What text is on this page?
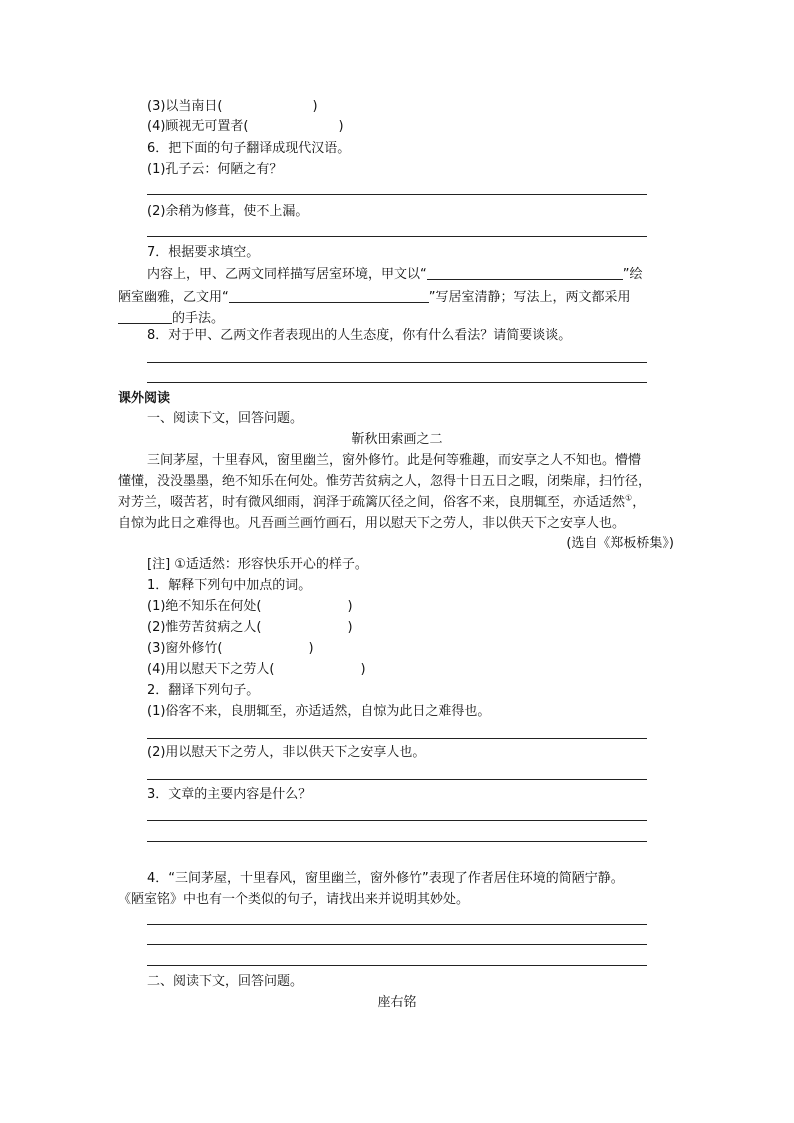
(3)以当南日(	)
(4)顾视无可置者(	)
6．把下面的句子翻译成现代汉语。
(1)孔子云：何陋之有？
(2)余稍为修葺，使不上漏。
7．根据要求填空。
内容上，甲、乙两文同样描写居室环境，甲文以“	”绘
陋室幽雅，乙文用“	”写居室清静；写法上，两文都采用
的手法。
8．对于甲、乙两文作者表现出的人生态度，你有什么看法？请简要谈谈。
课外阅读
一、阅读下文，回答问题。
靳秋田索画之二
三间茅屋，十里春风，窗里幽兰，窗外修竹。此是何等雅趣，而安享之人不知也。懵懵
懂懂，没没墨墨，绝不知乐在何处。惟劳苦贫病之人，忽得十日五日之暇，闭柴扉，扫竹径，
对芳兰，啜苦茗，时有微风细雨，润泽于疏篱仄径之间，俗客不来，良朋辄至，亦适适然①，
自惊为此日之难得也。凡吾画兰画竹画石，用以慰天下之劳人，非以供天下之安享人也。
(选自《郑板桥集》)
[注] ①适适然：形容快乐开心的样子。
1．解释下列句中加点的词。
(1)绝不知乐在何处(	)
(2)惟劳苦贫病之人(	)
(3)窗外修竹(	)
(4)用以慰天下之劳人(	)
2．翻译下列句子。
(1)俗客不来，良朋辄至，亦适适然，自惊为此日之难得也。
(2)用以慰天下之劳人，非以供天下之安享人也。
3．文章的主要内容是什么？
4．“三间茅屋，十里春风，窗里幽兰，窗外修竹”表现了作者居住环境的简陋宁静。
《陋室铭》中也有一个类似的句子，请找出来并说明其妙处。
二、阅读下文，回答问题。
座右铭
